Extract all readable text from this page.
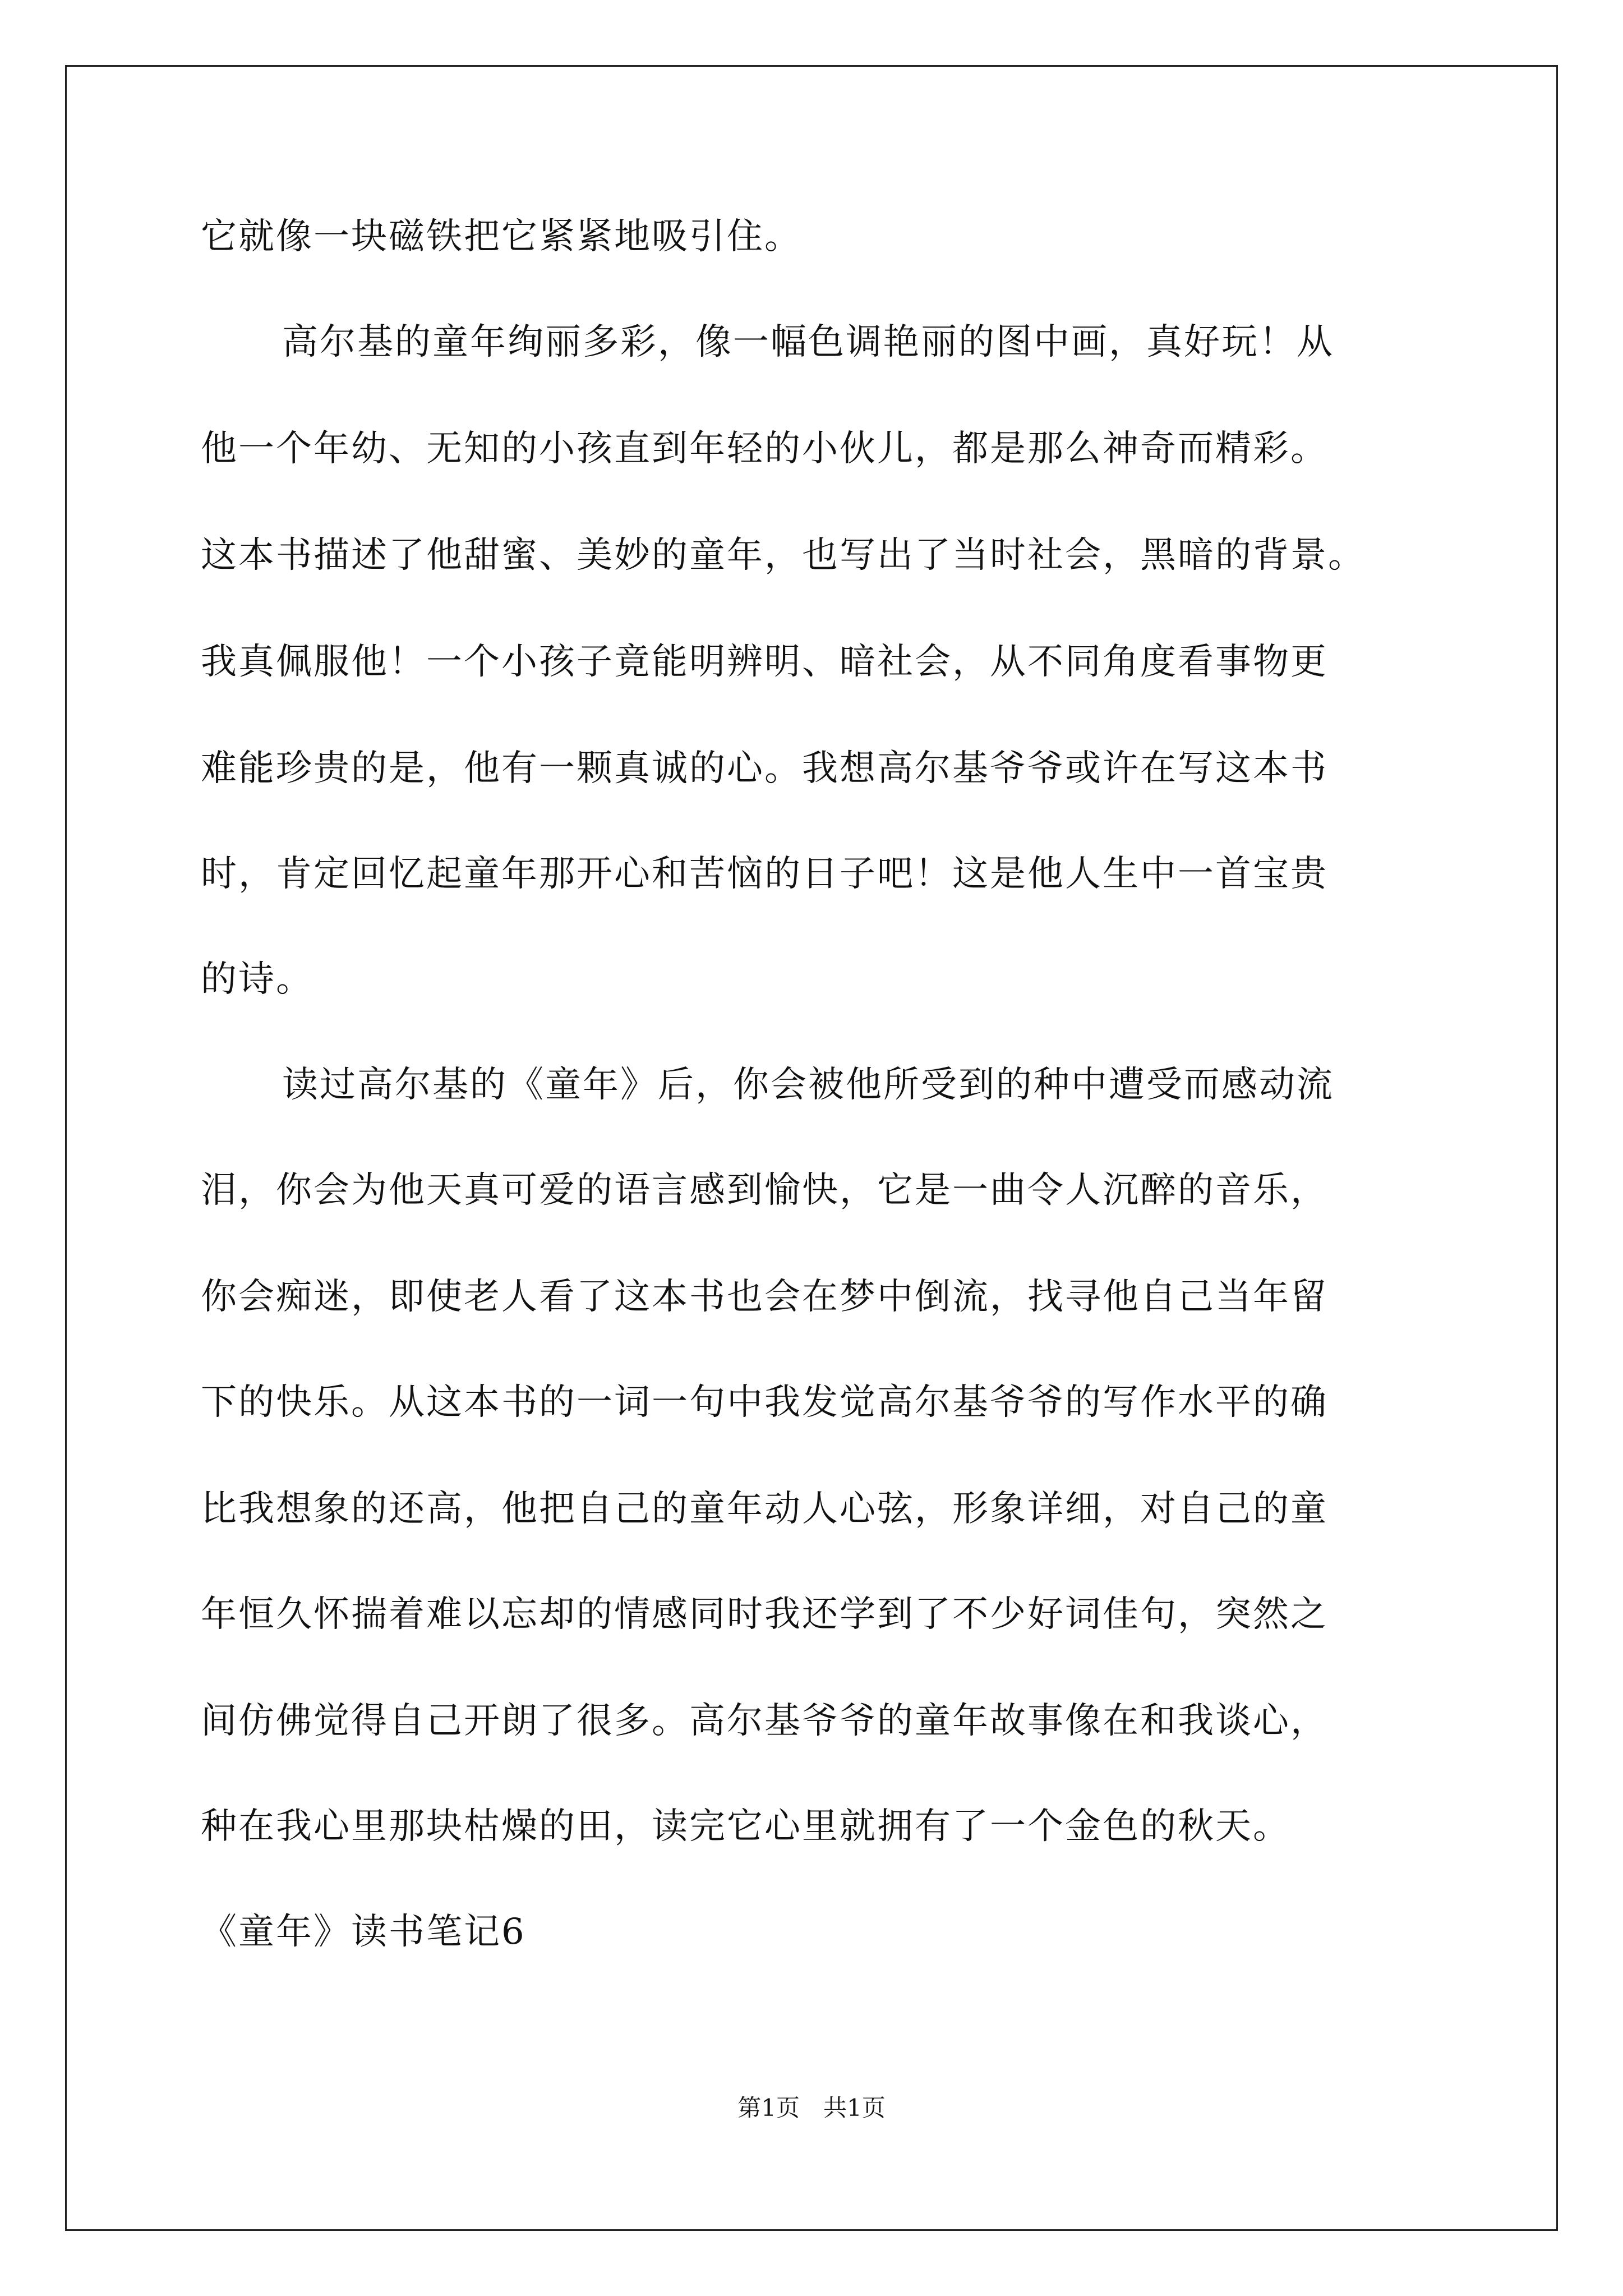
它就像一块磁铁把它紧紧地吸引住。
高尔基的童年绚丽多彩，像一幅色调艳丽的图中画，真好玩！从
他一个年幼、无知的小孩直到年轻的小伙儿，都是那么神奇而精彩。
这本书描述了他甜蜜、美妙的童年，也写出了当时社会，黑暗的背景。
我真佩服他！一个小孩子竟能明辨明、暗社会，从不同角度看事物更
难能珍贵的是，他有一颗真诚的心。我想高尔基爷爷或许在写这本书
时，肯定回忆起童年那开心和苦恼的日子吧！这是他人生中一首宝贵
的诗。
读过高尔基的《童年》后，你会被他所受到的种中遭受而感动流
泪，你会为他天真可爱的语言感到愉快，它是一曲令人沉醉的音乐，
你会痴迷，即使老人看了这本书也会在梦中倒流，找寻他自己当年留
下的快乐。从这本书的一词一句中我发觉高尔基爷爷的写作水平的确
比我想象的还高，他把自己的童年动人心弦，形象详细，对自己的童
年恒久怀揣着难以忘却的情感同时我还学到了不少好词佳句，突然之
间仿佛觉得自己开朗了很多。高尔基爷爷的童年故事像在和我谈心，
种在我心里那块枯燥的田，读完它心里就拥有了一个金色的秋天。
《童年》读书笔记6
第1页　共1页
